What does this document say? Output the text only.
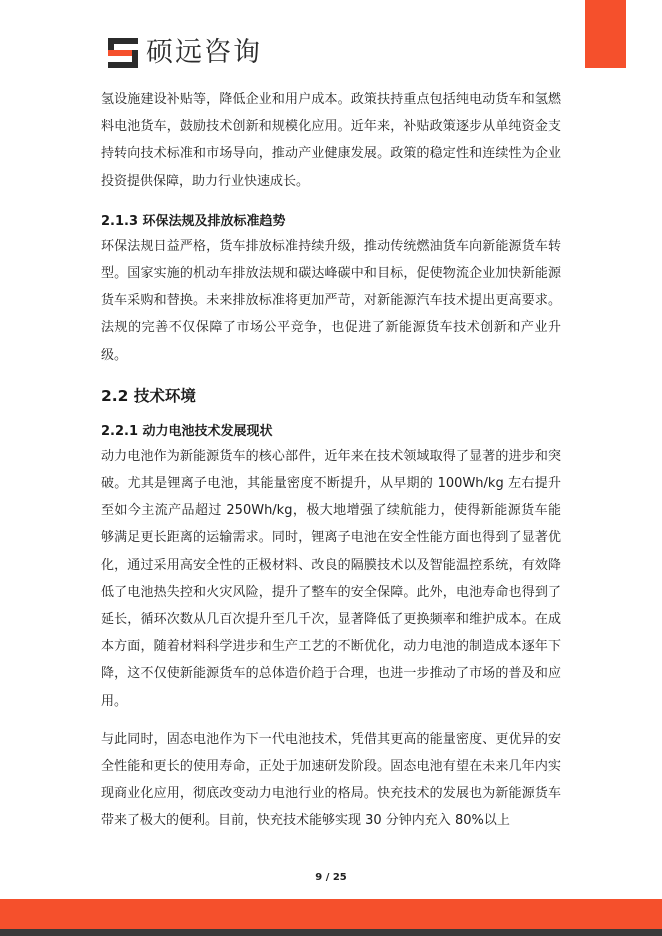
硕远咨询

氢设施建设补贴等，降低企业和用户成本。政策扶持重点包括纯电动货车和氢燃料电池货车，鼓励技术创新和规模化应用。近年来，补贴政策逐步从单纯资金支持转向技术标准和市场导向，推动产业健康发展。政策的稳定性和连续性为企业投资提供保障，助力行业快速成长。

2.1.3 环保法规及排放标准趋势

环保法规日益严格，货车排放标准持续升级，推动传统燃油货车向新能源货车转型。国家实施的机动车排放法规和碳达峰碳中和目标，促使物流企业加快新能源货车采购和替换。未来排放标准将更加严苛，对新能源汽车技术提出更高要求。法规的完善不仅保障了市场公平竞争，也促进了新能源货车技术创新和产业升级。

2.2 技术环境
2.2.1 动力电池技术发展现状

动力电池作为新能源货车的核心部件，近年来在技术领域取得了显著的进步和突破。尤其是锂离子电池，其能量密度不断提升，从早期的 100Wh/kg 左右提升至如今主流产品超过 250Wh/kg，极大地增强了续航能力，使得新能源货车能够满足更长距离的运输需求。同时，锂离子电池在安全性能方面也得到了显著优化，通过采用高安全性的正极材料、改良的隔膜技术以及智能温控系统，有效降低了电池热失控和火灾风险，提升了整车的安全保障。此外，电池寿命也得到了延长，循环次数从几百次提升至几千次，显著降低了更换频率和维护成本。在成本方面，随着材料科学进步和生产工艺的不断优化，动力电池的制造成本逐年下降，这不仅使新能源货车的总体造价趋于合理，也进一步推动了市场的普及和应用。

与此同时，固态电池作为下一代电池技术，凭借其更高的能量密度、更优异的安全性能和更长的使用寿命，正处于加速研发阶段。固态电池有望在未来几年内实现商业化应用，彻底改变动力电池行业的格局。快充技术的发展也为新能源货车带来了极大的便利。目前，快充技术能够实现 30 分钟内充入 80%以上

9 / 25
